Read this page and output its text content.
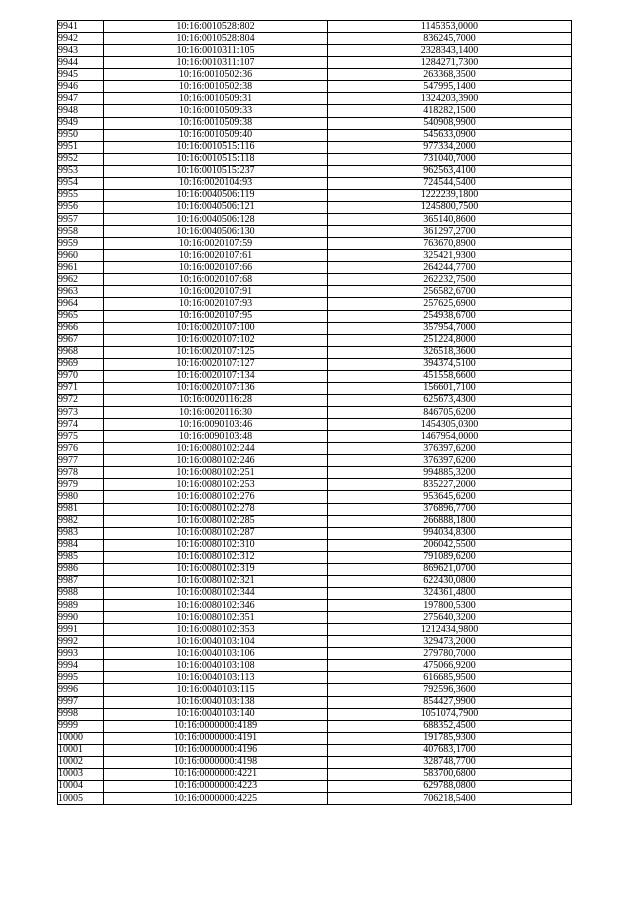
9941	10:16:0010528:802	1145353,0000
9942	10:16:0010528:804	836245,7000
9943	10:16:0010311:105	2328343,1400
9944	10:16:0010311:107	1284271,7300
9945	10:16:0010502:36	263368,3500
9946	10:16:0010502:38	547995,1400
9947	10:16:0010509:31	1324203,3900
9948	10:16:0010509:33	418282,1500
9949	10:16:0010509:38	540908,9900
9950	10:16:0010509:40	545633,0900
9951	10:16:0010515:116	977334,2000
9952	10:16:0010515:118	731040,7000
9953	10:16:0010515:237	962563,4100
9954	10:16:0020104:93	724544,5400
9955	10:16:0040506:119	1222239,1800
9956	10:16:0040506:121	1245800,7500
9957	10:16:0040506:128	365140,8600
9958	10:16:0040506:130	361297,2700
9959	10:16:0020107:59	763670,8900
9960	10:16:0020107:61	325421,9300
9961	10:16:0020107:66	264244,7700
9962	10:16:0020107:68	262232,7500
9963	10:16:0020107:91	256582,6700
9964	10:16:0020107:93	257625,6900
9965	10:16:0020107:95	254938,6700
9966	10:16:0020107:100	357954,7000
9967	10:16:0020107:102	251224,8000
9968	10:16:0020107:125	326518,3600
9969	10:16:0020107:127	394374,5100
9970	10:16:0020107:134	451558,6600
9971	10:16:0020107:136	156601,7100
9972	10:16:0020116:28	625673,4300
9973	10:16:0020116:30	846705,6200
9974	10:16:0090103:46	1454305,0300
9975	10:16:0090103:48	1467954,0000
9976	10:16:0080102:244	376397,6200
9977	10:16:0080102:246	376397,6200
9978	10:16:0080102:251	994885,3200
9979	10:16:0080102:253	835227,2000
9980	10:16:0080102:276	953645,6200
9981	10:16:0080102:278	376896,7700
9982	10:16:0080102:285	266888,1800
9983	10:16:0080102:287	994034,8300
9984	10:16:0080102:310	206042,5500
9985	10:16:0080102:312	791089,6200
9986	10:16:0080102:319	869621,0700
9987	10:16:0080102:321	622430,0800
9988	10:16:0080102:344	324361,4800
9989	10:16:0080102:346	197800,5300
9990	10:16:0080102:351	275640,3200
9991	10:16:0080102:353	1212434,9800
9992	10:16:0040103:104	329473,2000
9993	10:16:0040103:106	279780,7000
9994	10:16:0040103:108	475066,9200
9995	10:16:0040103:113	616685,9500
9996	10:16:0040103:115	792596,3600
9997	10:16:0040103:138	854427,9900
9998	10:16:0040103:140	1051074,7900
9999	10:16:0000000:4189	688352,4500
10000	10:16:0000000:4191	191785,9300
10001	10:16:0000000:4196	407683,1700
10002	10:16:0000000:4198	328748,7700
10003	10:16:0000000:4221	583700,6800
10004	10:16:0000000:4223	629788,0800
10005	10:16:0000000:4225	706218,5400
